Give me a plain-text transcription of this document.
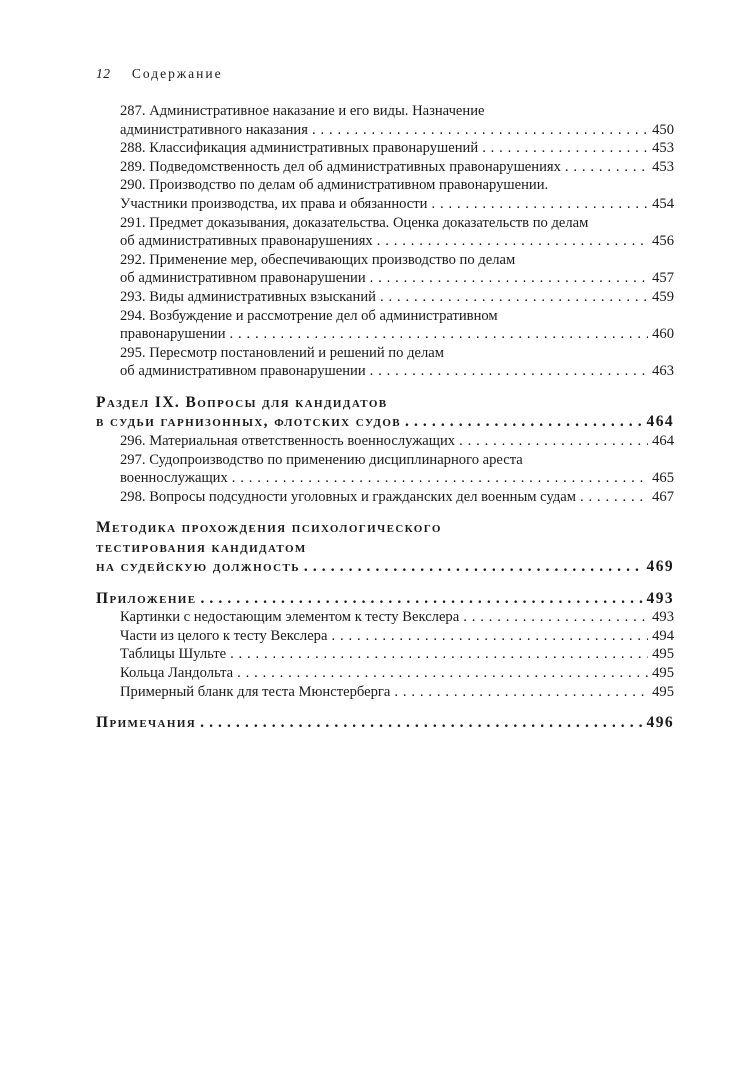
12 Содержание
287. Административное наказание и его виды. Назначение
административного наказания . . .	450
288. Классификация административных правонарушений . . .	453
289. Подведомственность дел об административных правонарушениях . . .	453
290. Производство по делам об административном правонарушении.
Участники производства, их права и обязанности . . .	454
291. Предмет доказывания, доказательства. Оценка доказательств по делам
об административных правонарушениях . . .	456
292. Применение мер, обеспечивающих производство по делам
об административном правонарушении . . .	457
293. Виды административных взысканий . . .	459
294. Возбуждение и рассмотрение дел об административном
правонарушении . . .	460
295. Пересмотр постановлений и решений по делам
об административном правонарушении . . .	463
Раздел IX. Вопросы для кандидатов
в судьи гарнизонных, флотских судов . . .	464
296. Материальная ответственность военнослужащих . . .	464
297. Судопроизводство по применению дисциплинарного ареста
военнослужащих . . .	465
298. Вопросы подсудности уголовных и гражданских дел военным судам . . .	467
Методика прохождения психологического
тестирования кандидатом
на судейскую должность . . .	469
Приложение . . .	493
Картинки с недостающим элементом к тесту Векслера . . .	493
Части из целого к тесту Векслера . . .	494
Таблицы Шульте . . .	495
Кольца Ландольта . . .	495
Примерный бланк для теста Мюнстерберга . . .	495
Примечания . . .	496
